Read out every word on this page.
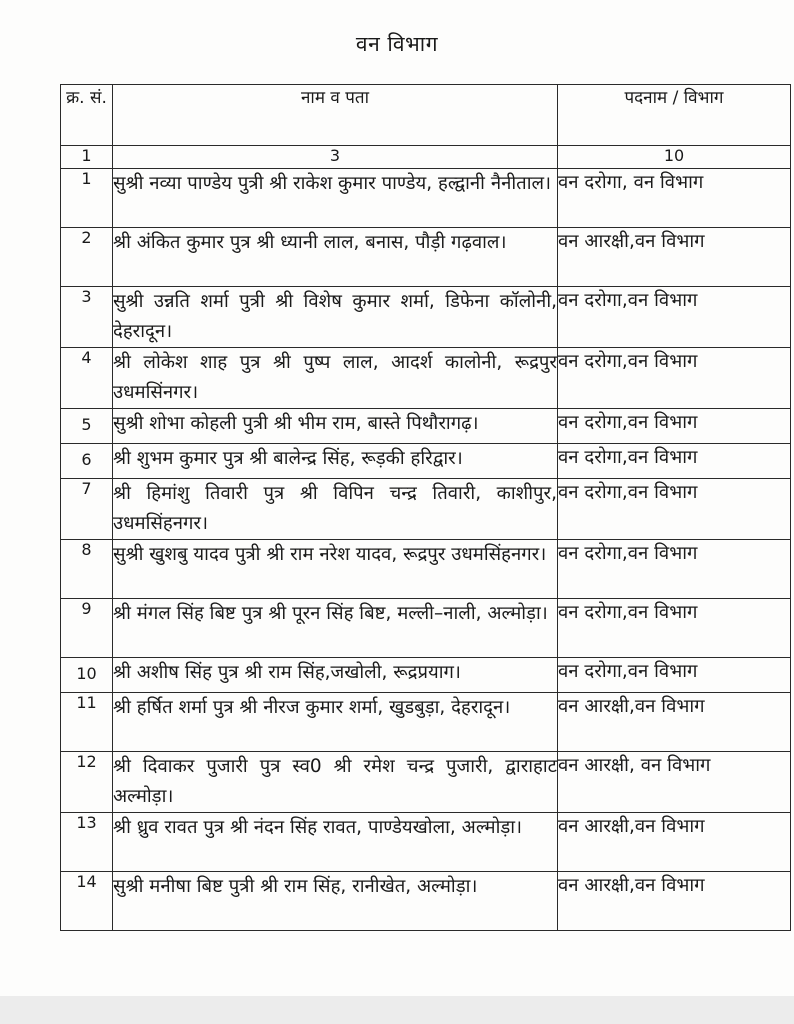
वन विभाग
क्र. सं.	नाम व पता	पदनाम / विभाग
1	3	10
1	सुश्री नव्या पाण्डेय पुत्री श्री राकेश कुमार पाण्डेय, हल्द्वानी नैनीताल।	वन दरोगा, वन विभाग
2	श्री अंकित कुमार पुत्र श्री ध्यानी लाल, बनास, पौड़ी गढ़वाल।	वन आरक्षी,वन विभाग
3	सुश्री उन्नति शर्मा पुत्री श्री विशेष कुमार शर्मा, डिफेना कॉलोनी, देहरादून।	वन दरोगा,वन विभाग
4	श्री लोकेश शाह पुत्र श्री पुष्प लाल, आदर्श कालोनी, रूद्रपुर उधमसिंनगर।	वन दरोगा,वन विभाग
5	सुश्री शोभा कोहली पुत्री श्री भीम राम, बास्ते पिथौरागढ़।	वन दरोगा,वन विभाग
6	श्री शुभम कुमार पुत्र श्री बालेन्द्र सिंह, रूड़की हरिद्वार।	वन दरोगा,वन विभाग
7	श्री हिमांशु तिवारी पुत्र श्री विपिन चन्द्र तिवारी, काशीपुर, उधमसिंहनगर।	वन दरोगा,वन विभाग
8	सुश्री खुशबु यादव पुत्री श्री राम नरेश यादव, रूद्रपुर उधमसिंहनगर।	वन दरोगा,वन विभाग
9	श्री मंगल सिंह बिष्ट पुत्र श्री पूरन सिंह बिष्ट, मल्ली–नाली, अल्मोड़ा।	वन दरोगा,वन विभाग
10	श्री अशीष सिंह पुत्र श्री राम सिंह,जखोली, रूद्रप्रयाग।	वन दरोगा,वन विभाग
11	श्री हर्षित शर्मा पुत्र श्री नीरज कुमार शर्मा, खुडबुड़ा, देहरादून।	वन आरक्षी,वन विभाग
12	श्री दिवाकर पुजारी पुत्र स्व0 श्री रमेश चन्द्र पुजारी, द्वाराहाट अल्मोड़ा।	वन आरक्षी, वन विभाग
13	श्री ध्रुव रावत पुत्र श्री नंदन सिंह रावत, पाण्डेयखोला, अल्मोड़ा।	वन आरक्षी,वन विभाग
14	सुश्री मनीषा बिष्ट पुत्री श्री राम सिंह, रानीखेत, अल्मोड़ा।	वन आरक्षी,वन विभाग
